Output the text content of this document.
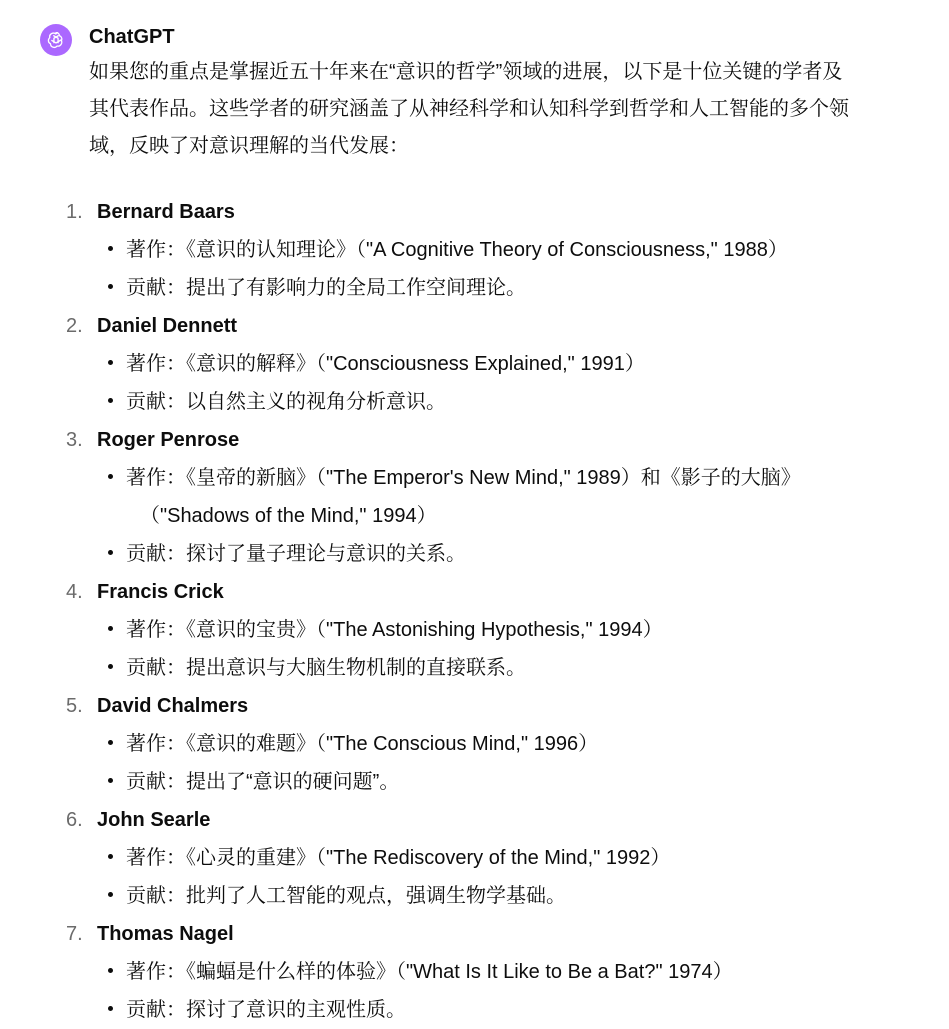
ChatGPT
如果您的重点是掌握近五十年来在“意识的哲学”领域的进展，以下是十位关键的学者及
其代表作品。这些学者的研究涵盖了从神经科学和认知科学到哲学和人工智能的多个领
域，反映了对意识理解的当代发展：
1. Bernard Baars
著作：《意识的认知理论》（"A Cognitive Theory of Consciousness," 1988）
贡献：提出了有影响力的全局工作空间理论。
2. Daniel Dennett
著作：《意识的解释》（"Consciousness Explained," 1991）
贡献：以自然主义的视角分析意识。
3. Roger Penrose
著作：《皇帝的新脑》（"The Emperor's New Mind," 1989）和《影子的大脑》
（"Shadows of the Mind," 1994）
贡献：探讨了量子理论与意识的关系。
4. Francis Crick
著作：《意识的宝贵》（"The Astonishing Hypothesis," 1994）
贡献：提出意识与大脑生物机制的直接联系。
5. David Chalmers
著作：《意识的难题》（"The Conscious Mind," 1996）
贡献：提出了“意识的硬问题”。
6. John Searle
著作：《心灵的重建》（"The Rediscovery of the Mind," 1992）
贡献：批判了人工智能的观点，强调生物学基础。
7. Thomas Nagel
著作：《蝙蝠是什么样的体验》（"What Is It Like to Be a Bat?" 1974）
贡献：探讨了意识的主观性质。
